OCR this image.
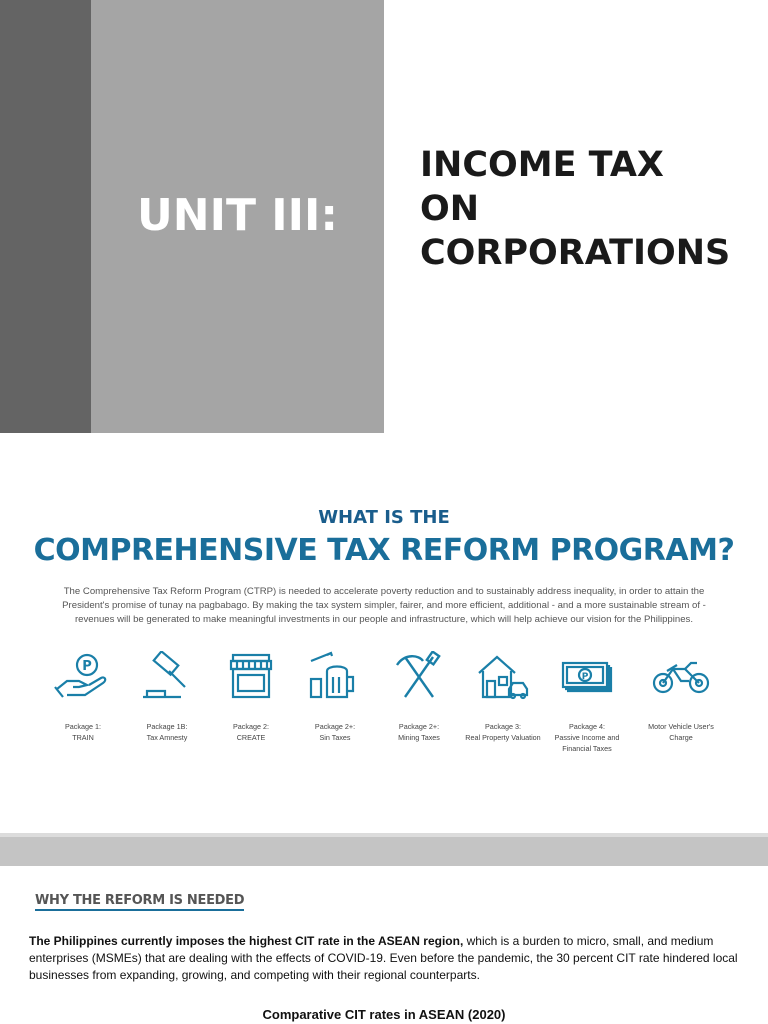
UNIT III:
INCOME TAX
ON
CORPORATIONS
WHAT IS THE
COMPREHENSIVE TAX REFORM PROGRAM?
The Comprehensive Tax Reform Program (CTRP) is needed to accelerate poverty reduction and to sustainably address inequality, in order to attain the President's promise of tunay na pagbabago. By making the tax system simpler, fairer, and more efficient, additional - and a more sustainable stream of - revenues will be generated to make meaningful investments in our people and infrastructure, which will help achieve our vision for the Philippines.
P
Package 1:
TRAIN
Package 1B:
Tax Amnesty
Package 2:
CREATE
Package 2+:
Sin Taxes
Package 2+:
Mining Taxes
Package 3:
Real Property Valuation
P
Package 4:
Passive Income and Financial Taxes
Motor Vehicle User's
Charge
WHY THE REFORM IS NEEDED
The Philippines currently imposes the highest CIT rate in the ASEAN region, which is a burden to micro, small, and medium enterprises (MSMEs) that are dealing with the effects of COVID-19. Even before the pandemic, the 30 percent CIT rate hindered local businesses from expanding, growing, and competing with their regional counterparts.
Comparative CIT rates in ASEAN (2020)
